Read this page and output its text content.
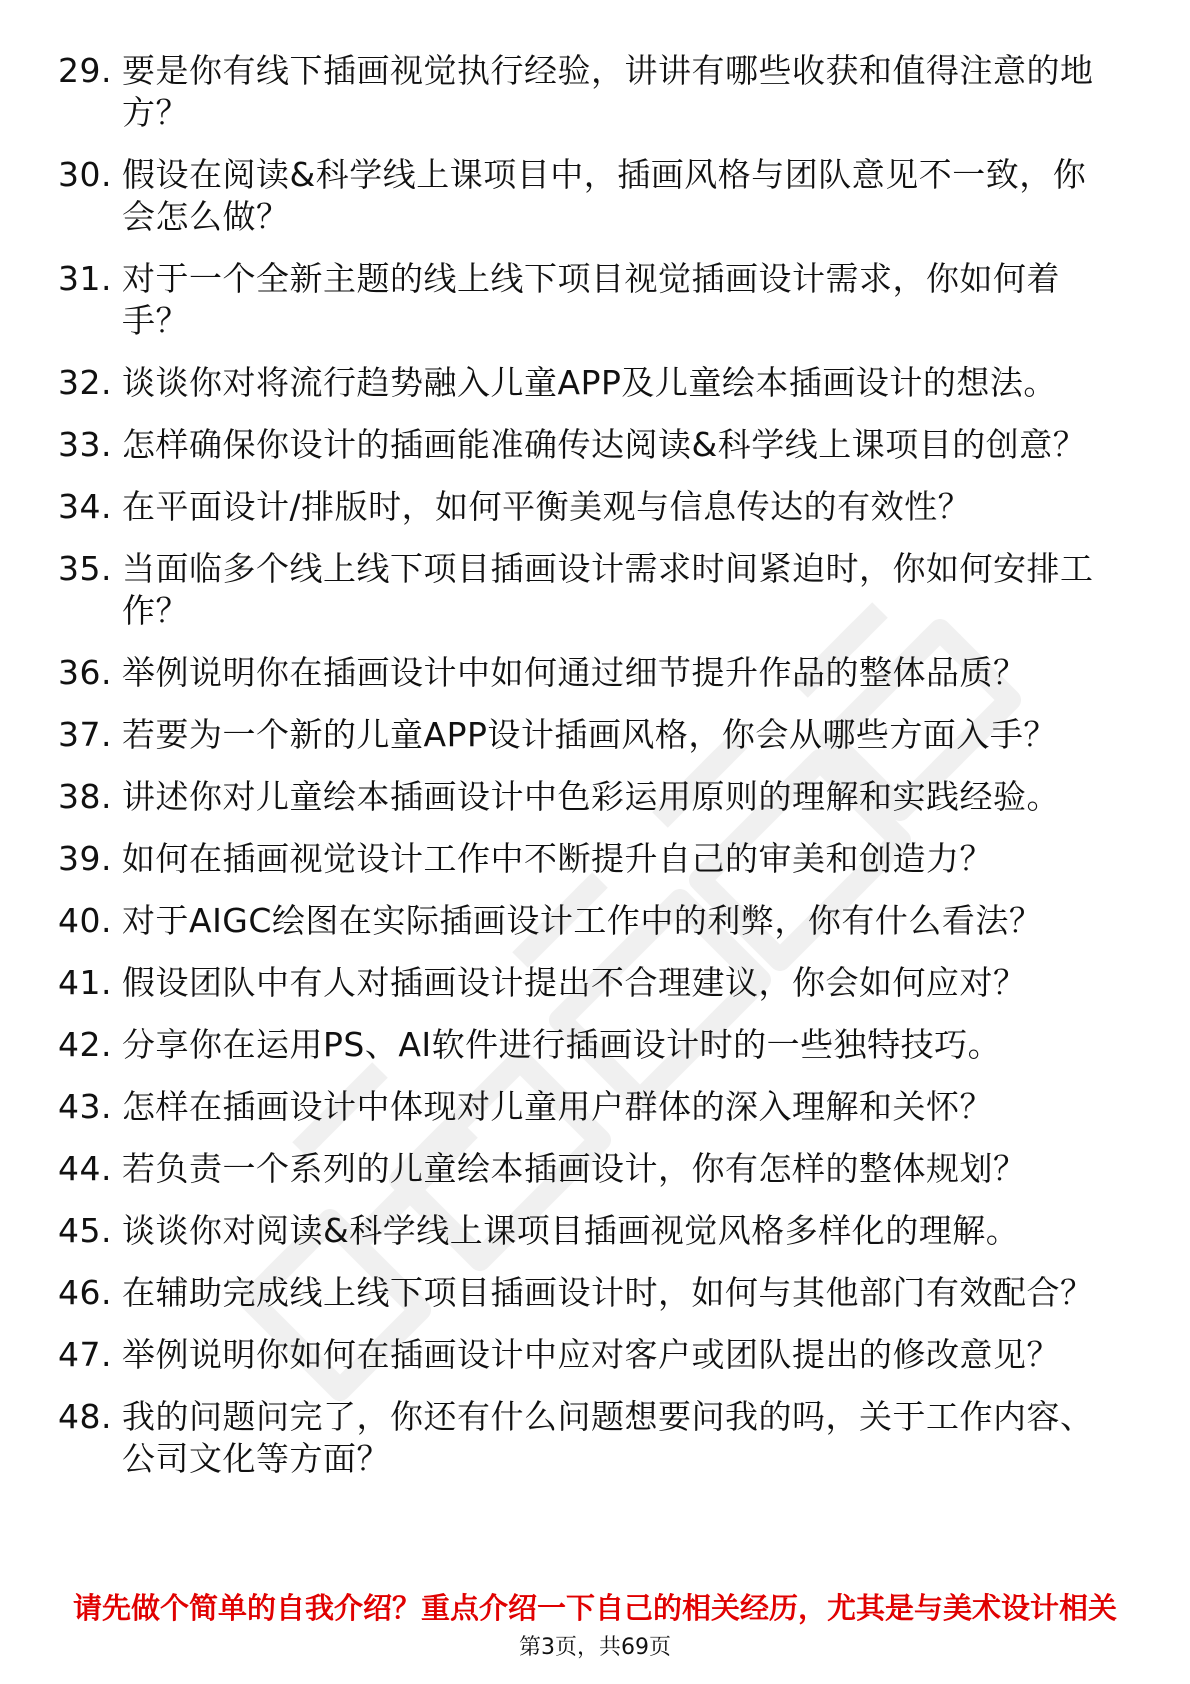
29. 要是你有线下插画视觉执行经验，讲讲有哪些收获和值得注意的地方？
30. 假设在阅读&科学线上课项目中，插画风格与团队意见不一致，你会怎么做？
31. 对于一个全新主题的线上线下项目视觉插画设计需求，你如何着手？
32. 谈谈你对将流行趋势融入儿童APP及儿童绘本插画设计的想法。
33. 怎样确保你设计的插画能准确传达阅读&科学线上课项目的创意？
34. 在平面设计/排版时，如何平衡美观与信息传达的有效性？
35. 当面临多个线上线下项目插画设计需求时间紧迫时，你如何安排工作？
36. 举例说明你在插画设计中如何通过细节提升作品的整体品质？
37. 若要为一个新的儿童APP设计插画风格，你会从哪些方面入手？
38. 讲述你对儿童绘本插画设计中色彩运用原则的理解和实践经验。
39. 如何在插画视觉设计工作中不断提升自己的审美和创造力？
40. 对于AIGC绘图在实际插画设计工作中的利弊，你有什么看法？
41. 假设团队中有人对插画设计提出不合理建议，你会如何应对？
42. 分享你在运用PS、AI软件进行插画设计时的一些独特技巧。
43. 怎样在插画设计中体现对儿童用户群体的深入理解和关怀？
44. 若负责一个系列的儿童绘本插画设计，你有怎样的整体规划？
45. 谈谈你对阅读&科学线上课项目插画视觉风格多样化的理解。
46. 在辅助完成线上线下项目插画设计时，如何与其他部门有效配合？
47. 举例说明你如何在插画设计中应对客户或团队提出的修改意见？
48. 我的问题问完了，你还有什么问题想要问我的吗，关于工作内容、公司文化等方面？
请先做个简单的自我介绍？重点介绍一下自己的相关经历，尤其是与美术设计相关
第3页，共69页
